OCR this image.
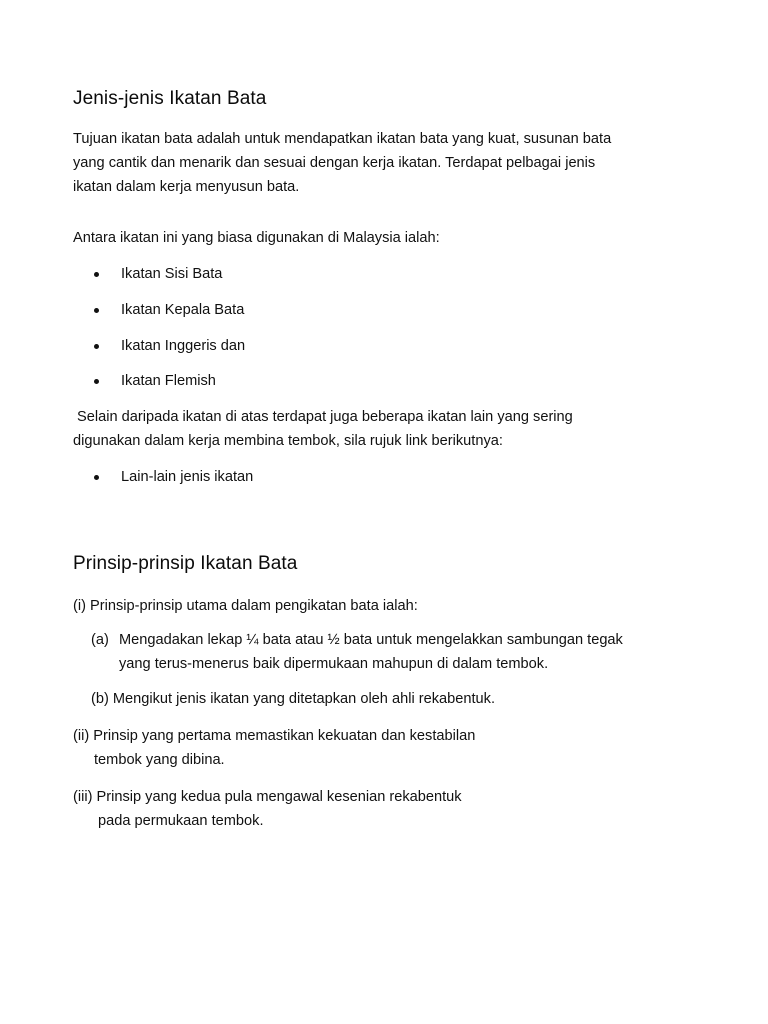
Jenis-jenis Ikatan Bata
Tujuan ikatan bata adalah untuk mendapatkan ikatan bata yang kuat, susunan bata
yang cantik dan menarik dan sesuai dengan kerja ikatan. Terdapat pelbagai jenis
ikatan dalam kerja menyusun bata.
Antara ikatan ini yang biasa digunakan di Malaysia ialah:
Ikatan Sisi Bata
Ikatan Kepala Bata
Ikatan Inggeris dan
Ikatan Flemish
Selain daripada ikatan di atas terdapat juga beberapa ikatan lain yang sering
digunakan dalam kerja membina tembok, sila rujuk link berikutnya:
Lain-lain jenis ikatan
Prinsip-prinsip Ikatan Bata
(i) Prinsip-prinsip utama dalam pengikatan bata ialah:
(a) Mengadakan lekap ¼ bata atau ½ bata untuk mengelakkan sambungan tegak
yang terus-menerus baik dipermukaan mahupun di dalam tembok.
(b) Mengikut jenis ikatan yang ditetapkan oleh ahli rekabentuk.
(ii) Prinsip yang pertama memastikan kekuatan dan kestabilan
tembok yang dibina.
(iii) Prinsip yang kedua pula mengawal kesenian rekabentuk
pada permukaan tembok.
